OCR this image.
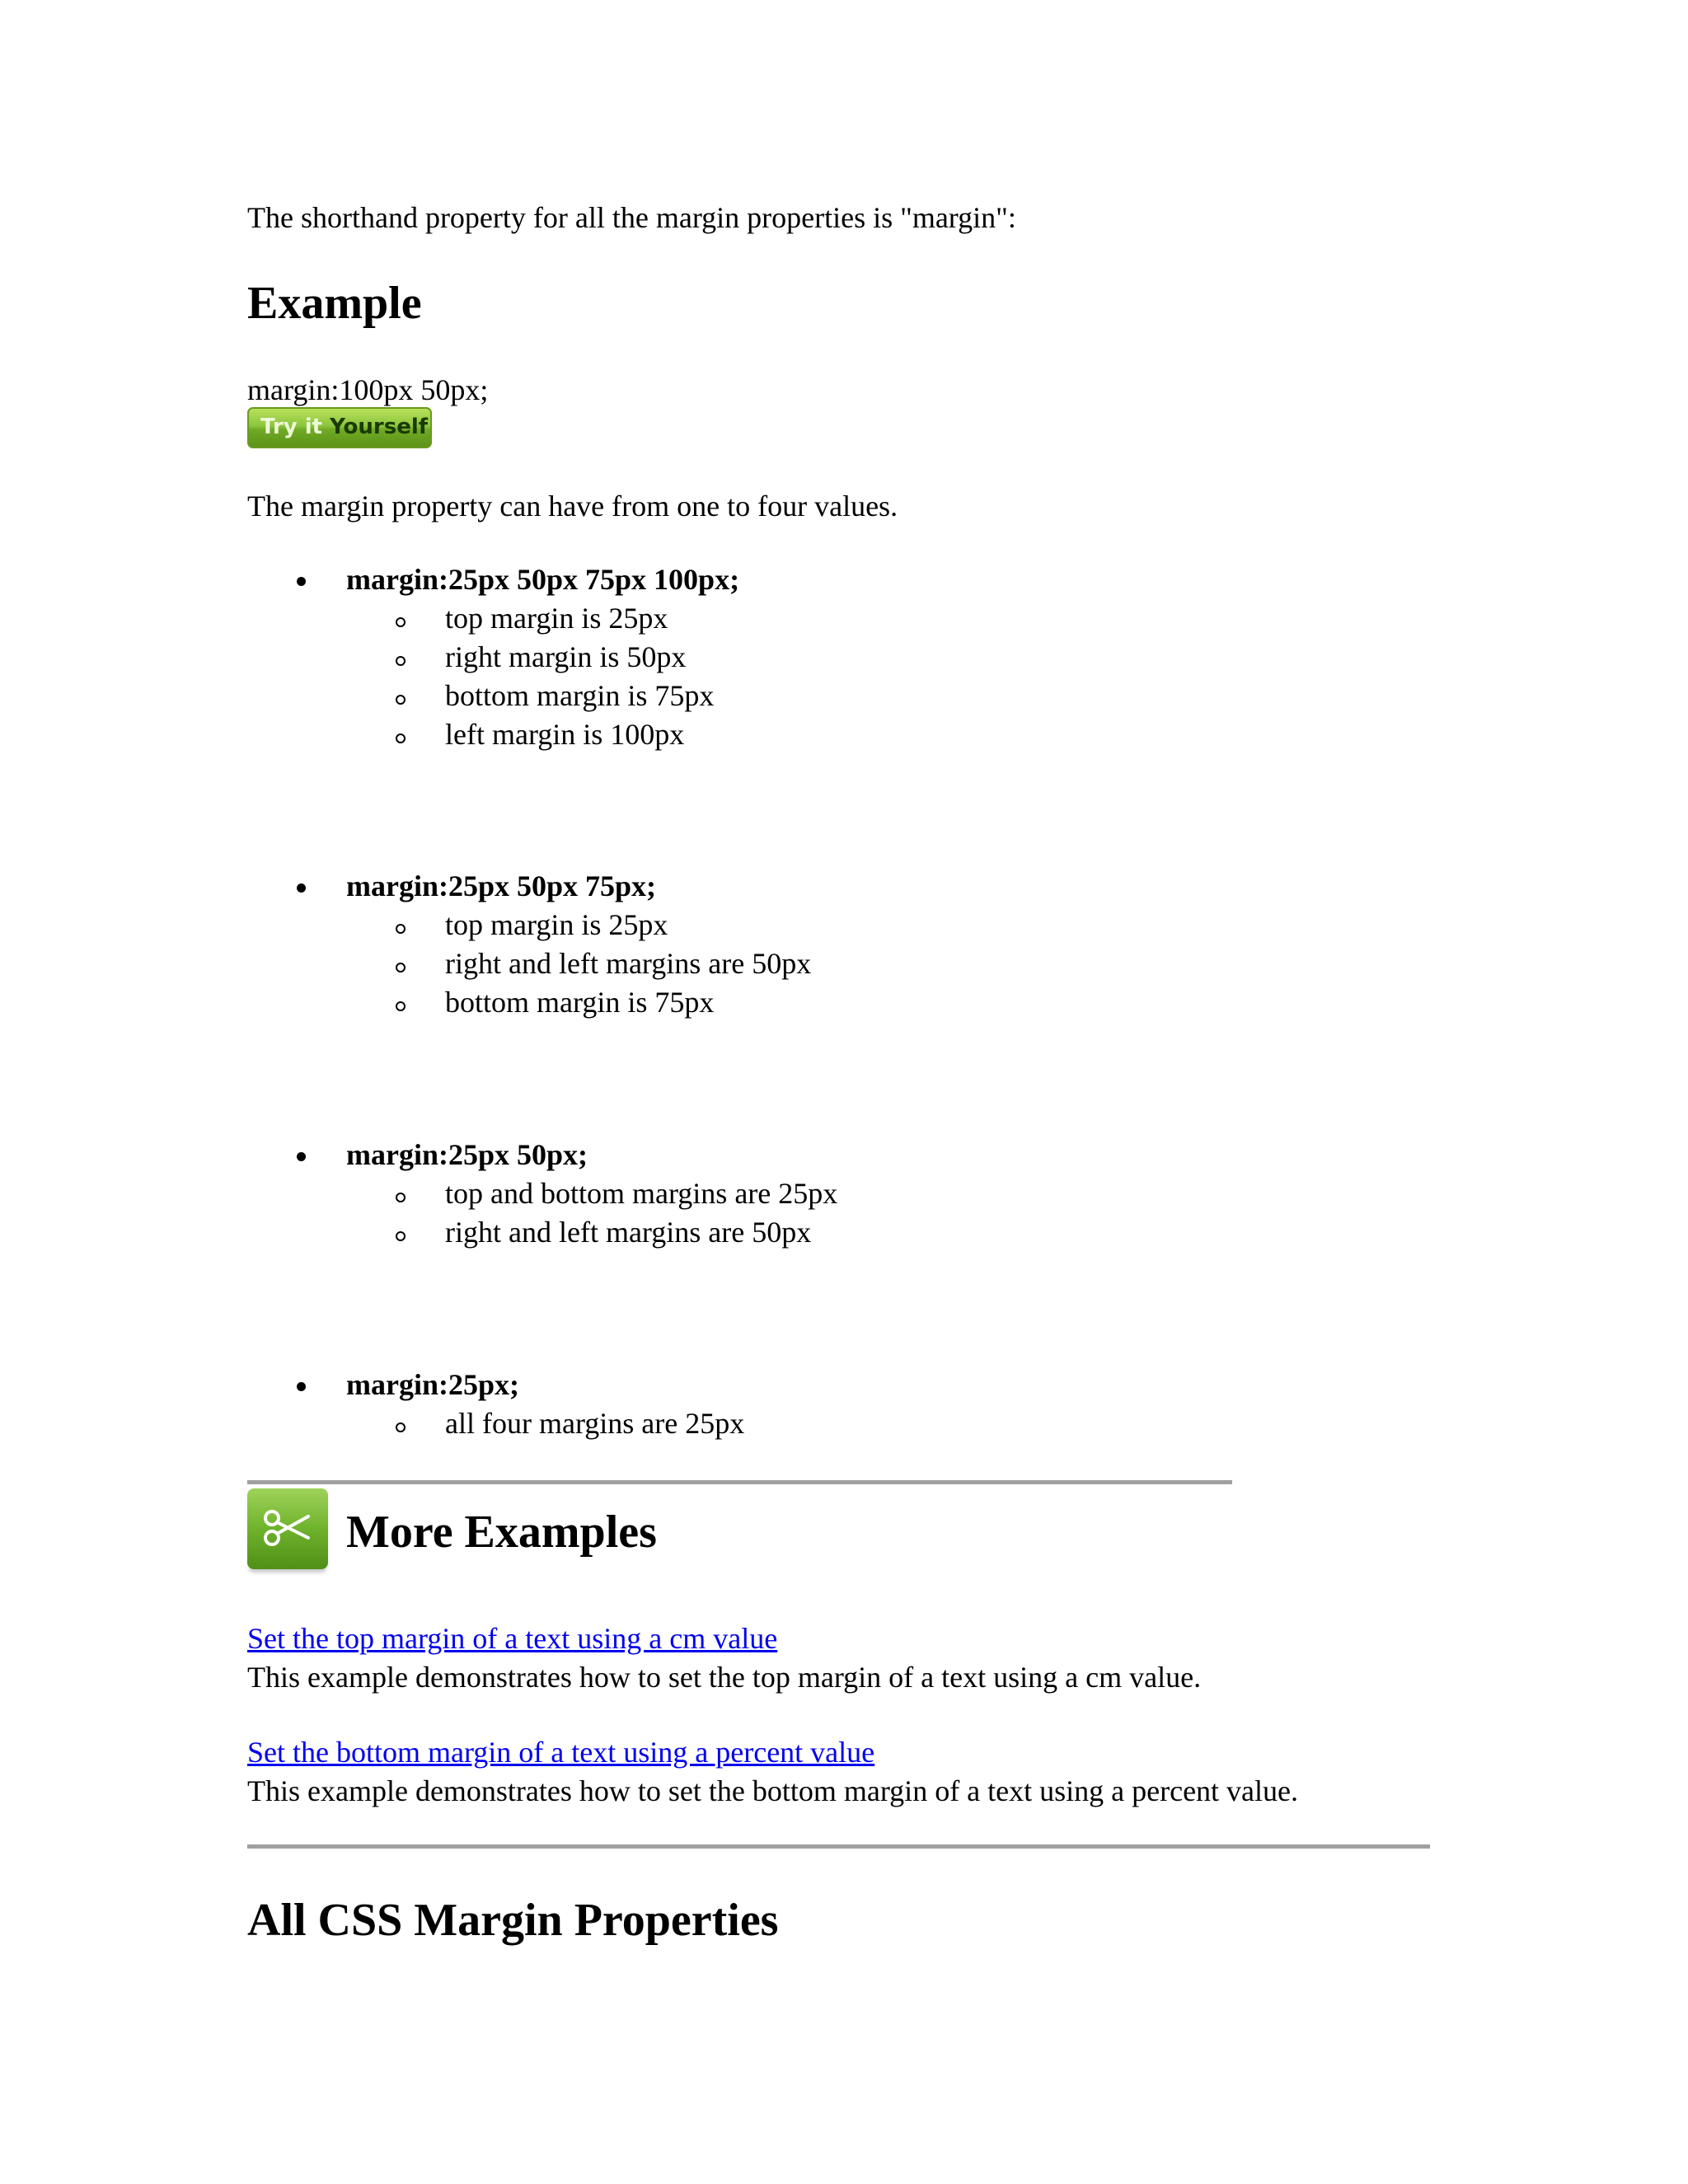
The shorthand property for all the margin properties is "margin":
Example
margin:100px 50px;
Try it Yourself
The margin property can have from one to four values.
margin:25px 50px 75px 100px;
top margin is 25px
right margin is 50px
bottom margin is 75px
left margin is 100px
margin:25px 50px 75px;
top margin is 25px
right and left margins are 50px
bottom margin is 75px
margin:25px 50px;
top and bottom margins are 25px
right and left margins are 50px
margin:25px;
all four margins are 25px
More Examples
Set the top margin of a text using a cm value
This example demonstrates how to set the top margin of a text using a cm value.
Set the bottom margin of a text using a percent value
This example demonstrates how to set the bottom margin of a text using a percent value.
All CSS Margin Properties
